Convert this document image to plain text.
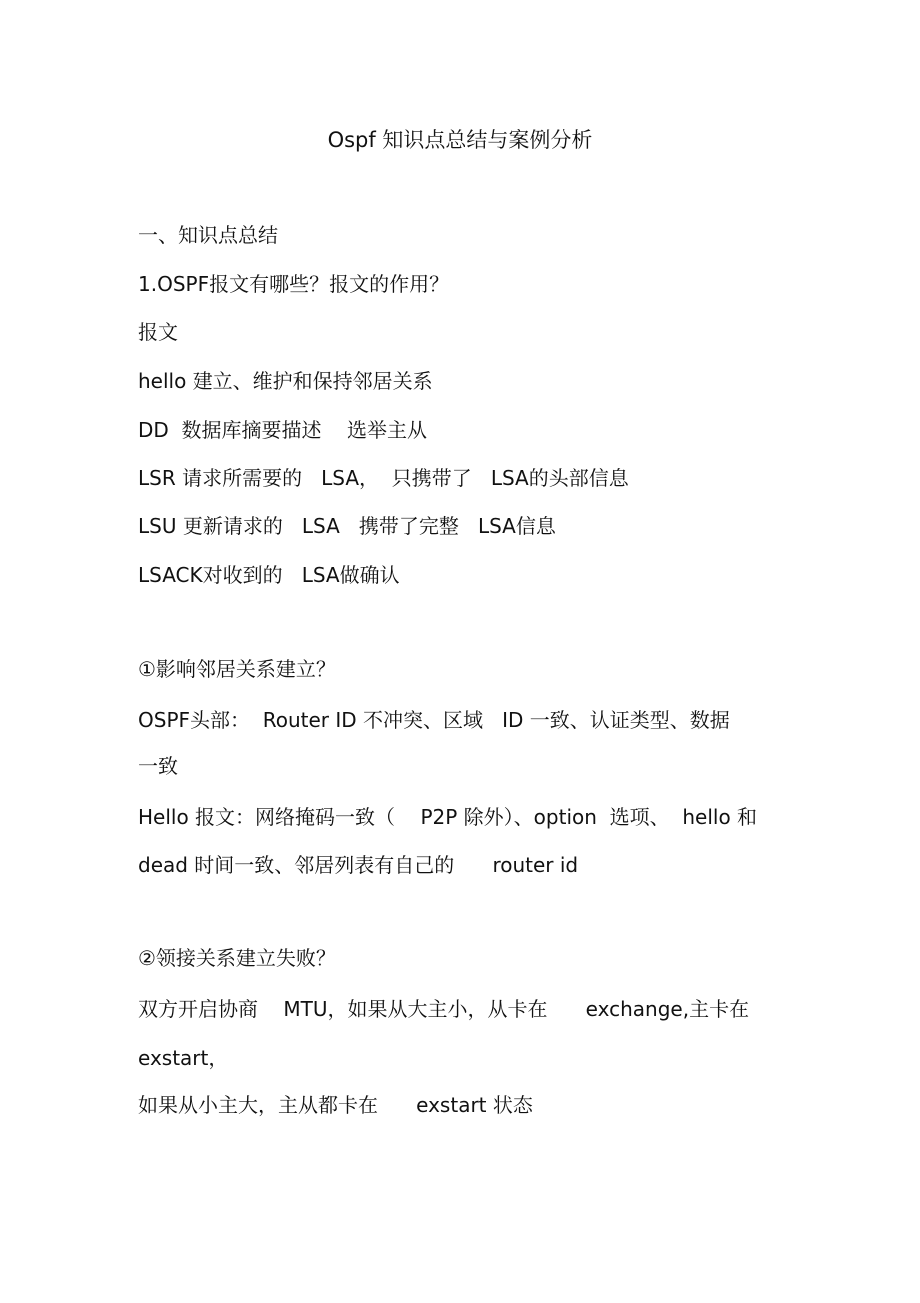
Ospf 知识点总结与案例分析
一、知识点总结
1.OSPF报文有哪些？报文的作用？
报文
hello 建立、维护和保持邻居关系
DD  数据库摘要描述    选举主从
LSR 请求所需要的   LSA，  只携带了   LSA的头部信息
LSU 更新请求的   LSA   携带了完整   LSA信息
LSACK对收到的   LSA做确认
①影响邻居关系建立？
OSPF头部：  Router ID 不冲突、区域   ID 一致、认证类型、数据
一致
Hello 报文：网络掩码一致（    P2P 除外）、option  选项、  hello 和
dead 时间一致、邻居列表有自己的      router id
②领接关系建立失败？
双方开启协商    MTU，如果从大主小，从卡在      exchange,主卡在
exstart，
如果从小主大，主从都卡在      exstart 状态
